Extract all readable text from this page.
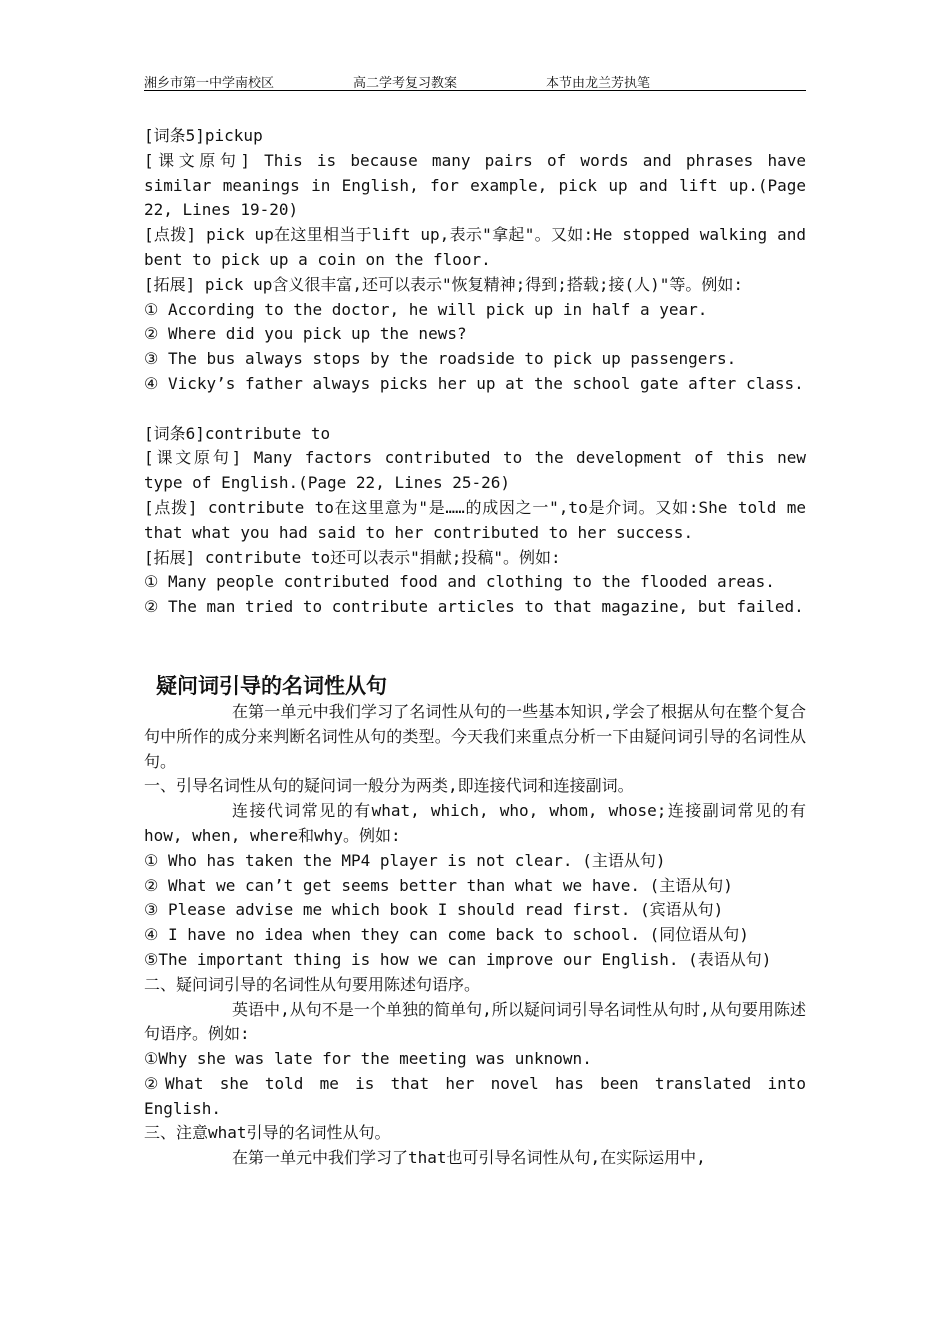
湘乡市第一中学南校区	高二学考复习教案	本节由龙兰芳执笔

[词条5]pickup

[课文原句] This is because many pairs of words and phrases have similar meanings in English, for example, pick up and lift up.(Page 22, Lines 19-20)

[点拨] pick up在这里相当于lift up,表示"拿起"。又如:He stopped walking and bent to pick up a coin on the floor.

[拓展] pick up含义很丰富,还可以表示"恢复精神;得到;搭载;接(人)"等。例如:

① According to the doctor, he will pick up in half a year.

② Where did you pick up the news?

③ The bus always stops by the roadside to pick up passengers.

④ Vicky’s father always picks her up at the school gate after class.

[词条6]contribute to

[课文原句] Many factors contributed to the development of this new type of English.(Page 22, Lines 25-26)

[点拨] contribute to在这里意为"是……的成因之一",to是介词。又如:She told me that what you had said to her contributed to her success.

[拓展] contribute to还可以表示"捐献;投稿"。例如:

① Many people contributed food and clothing to the flooded areas.

② The man tried to contribute articles to that magazine, but failed.

疑问词引导的名词性从句

在第一单元中我们学习了名词性从句的一些基本知识,学会了根据从句在整个复合句中所作的成分来判断名词性从句的类型。今天我们来重点分析一下由疑问词引导的名词性从句。

一、引导名词性从句的疑问词一般分为两类,即连接代词和连接副词。

连接代词常见的有what, which, who, whom, whose;连接副词常见的有how, when, where和why。例如:

① Who has taken the MP4 player is not clear. (主语从句)

② What we can’t get seems better than what we have. (主语从句)

③ Please advise me which book I should read first. (宾语从句)

④ I have no idea when they can come back to school. (同位语从句)

⑤The important thing is how we can improve our English. (表语从句)

二、疑问词引导的名词性从句要用陈述句语序。

英语中,从句不是一个单独的简单句,所以疑问词引导名词性从句时,从句要用陈述句语序。例如:

①Why she was late for the meeting was unknown.

②What she told me is that her novel has been translated into English.

三、注意what引导的名词性从句。

在第一单元中我们学习了that也可引导名词性从句,在实际运用中,
